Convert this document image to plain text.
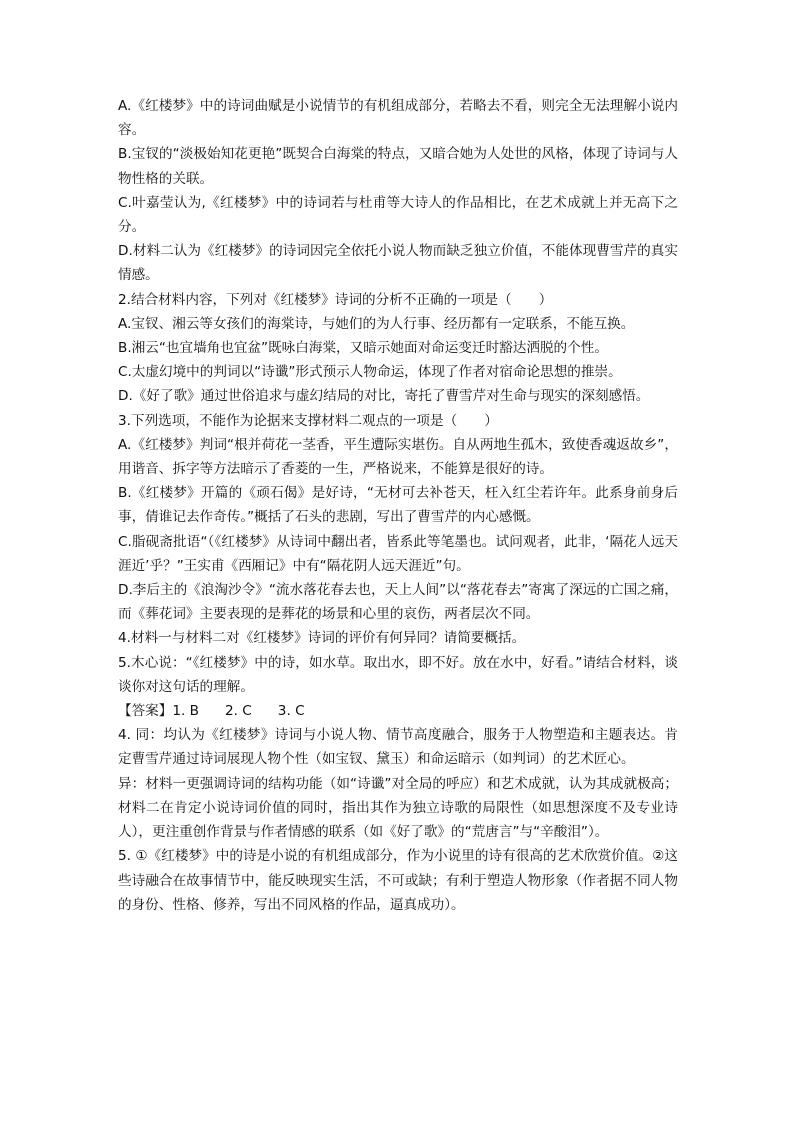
A.《红楼梦》中的诗词曲赋是小说情节的有机组成部分，若略去不看，则完全无法理解小说内容。

B.宝钗的“淡极始知花更艳”既契合白海棠的特点，又暗合她为人处世的风格，体现了诗词与人物性格的关联。

C.叶嘉莹认为,《红楼梦》中的诗词若与杜甫等大诗人的作品相比，在艺术成就上并无高下之分。

D.材料二认为《红楼梦》的诗词因完全依托小说人物而缺乏独立价值，不能体现曹雪芹的真实情感。

2.结合材料内容，下列对《红楼梦》诗词的分析不正确的一项是（　　）

A.宝钗、湘云等女孩们的海棠诗，与她们的为人行事、经历都有一定联系，不能互换。

B.湘云“也宜墙角也宜盆”既咏白海棠，又暗示她面对命运变迁时豁达洒脱的个性。

C.太虚幻境中的判词以“诗谶”形式预示人物命运，体现了作者对宿命论思想的推崇。

D.《好了歌》通过世俗追求与虚幻结局的对比，寄托了曹雪芹对生命与现实的深刻感悟。

3.下列选项，不能作为论据来支撑材料二观点的一项是（　　）

A.《红楼梦》判词“根并荷花一茎香，平生遭际实堪伤。自从两地生孤木，致使香魂返故乡”，用谐音、拆字等方法暗示了香菱的一生，严格说来，不能算是很好的诗。

B.《红楼梦》开篇的《顽石偈》是好诗，“无材可去补苍天，枉入红尘若许年。此系身前身后事，倩谁记去作奇传。”概括了石头的悲剧，写出了曹雪芹的内心感慨。

C.脂砚斋批语“（《红楼梦》从诗词中翻出者，皆系此等笔墨也。试问观者，此非，‘隔花人远天涯近’乎？”王实甫《西厢记》中有“隔花阴人远天涯近”句。

D.李后主的《浪淘沙令》“流水落花春去也，天上人间”以“落花春去”寄寓了深远的亡国之痛，而《葬花词》主要表现的是葬花的场景和心里的哀伤，两者层次不同。

4.材料一与材料二对《红楼梦》诗词的评价有何异同？请简要概括。

5.木心说：“《红楼梦》中的诗，如水草。取出水，即不好。放在水中，好看。”请结合材料，谈谈你对这句话的理解。

【答案】 1. B 2. C 3. C

4. 同：均认为《红楼梦》诗词与小说人物、情节高度融合，服务于人物塑造和主题表达。肯定曹雪芹通过诗词展现人物个性（如宝钗、黛玉）和命运暗示（如判词）的艺术匠心。

异：材料一更强调诗词的结构功能（如“诗谶”对全局的呼应）和艺术成就，认为其成就极高；材料二在肯定小说诗词价值的同时，指出其作为独立诗歌的局限性（如思想深度不及专业诗人），更注重创作背景与作者情感的联系（如《好了歌》的“荒唐言”与“辛酸泪”）。

5. ①《红楼梦》中的诗是小说的有机组成部分，作为小说里的诗有很高的艺术欣赏价值。②这些诗融合在故事情节中，能反映现实生活，不可或缺；有利于塑造人物形象（作者据不同人物的身份、性格、修养，写出不同风格的作品，逼真成功）。
